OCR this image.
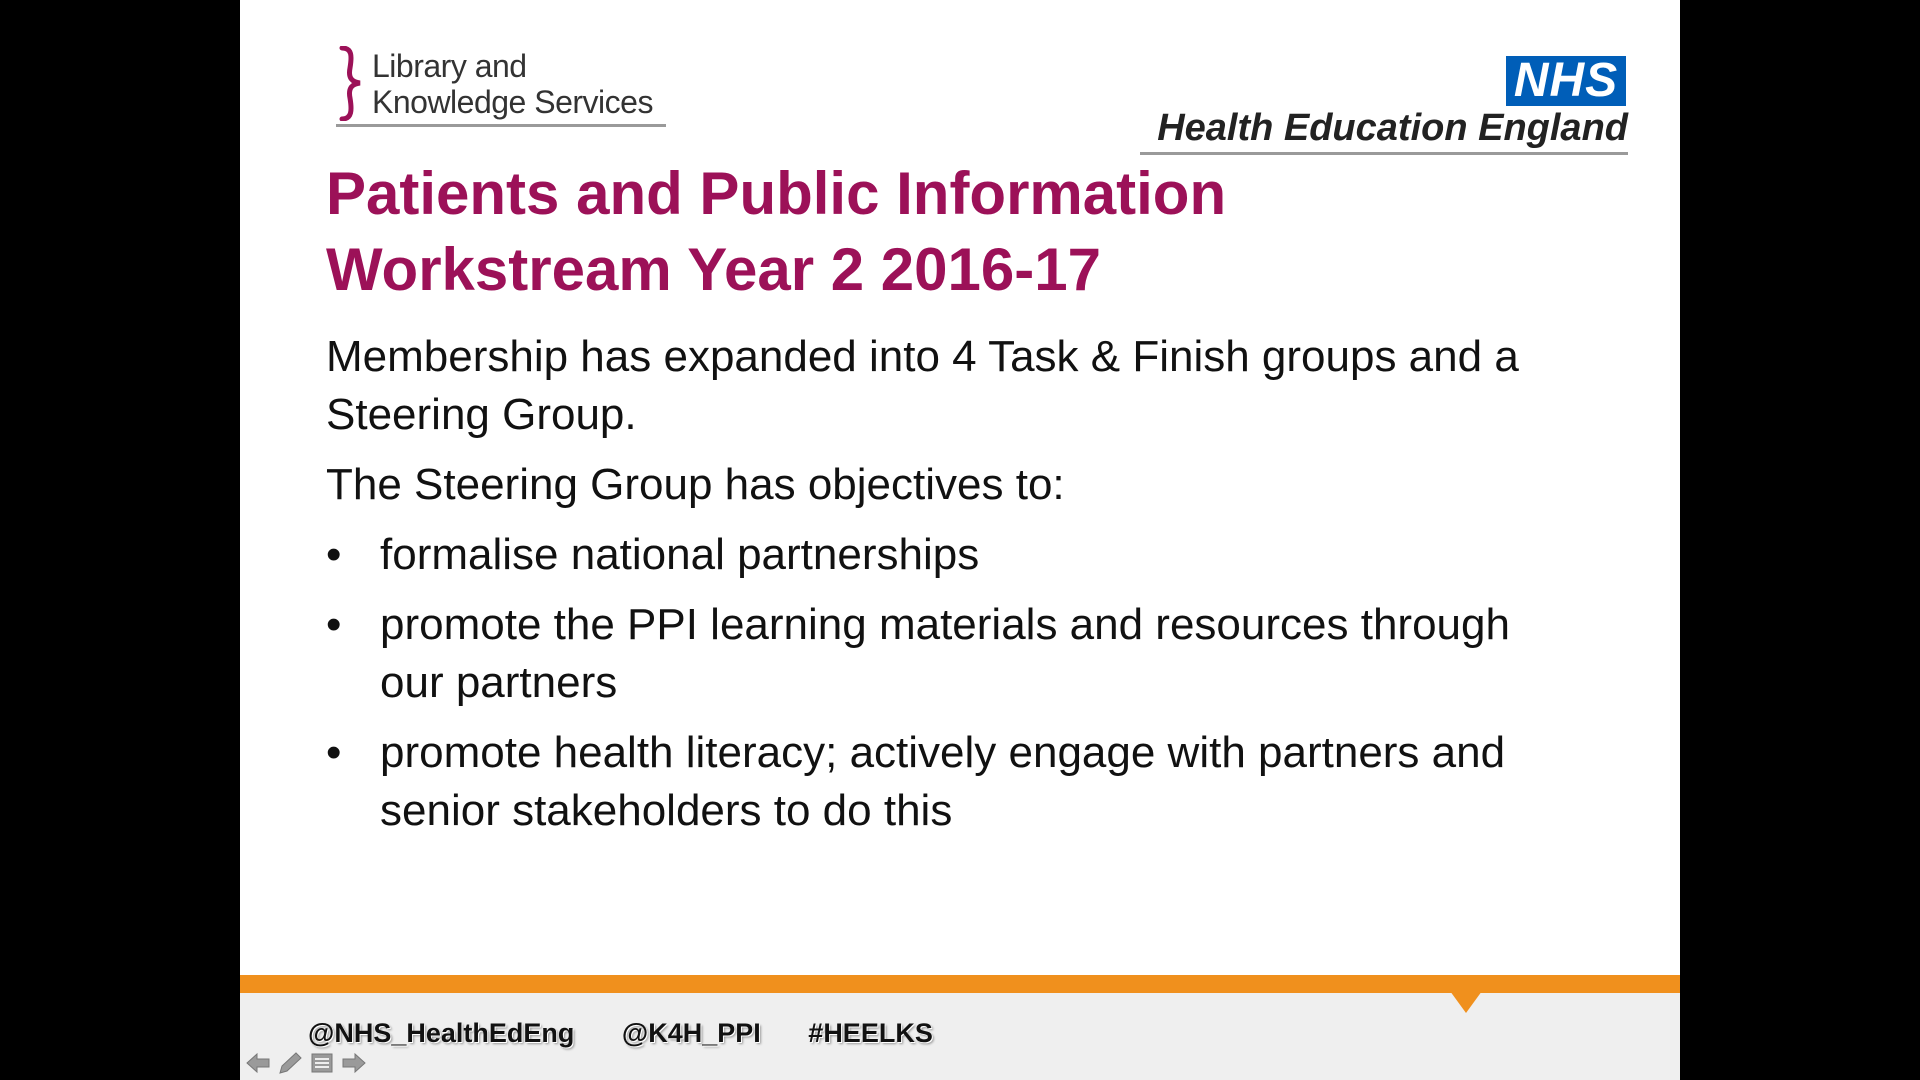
Library and
Knowledge Services	NHS
Health Education England
Patients and Public Information
Workstream Year 2 2016-17

Membership has expanded into 4 Task & Finish groups and a Steering Group.

The Steering Group has objectives to:

• formalise national partnerships
• promote the PPI learning materials and resources through our partners
• promote health literacy; actively engage with partners and senior stakeholders to do this
@NHS_HealthEdEng @K4H_PPI #HEELKS
